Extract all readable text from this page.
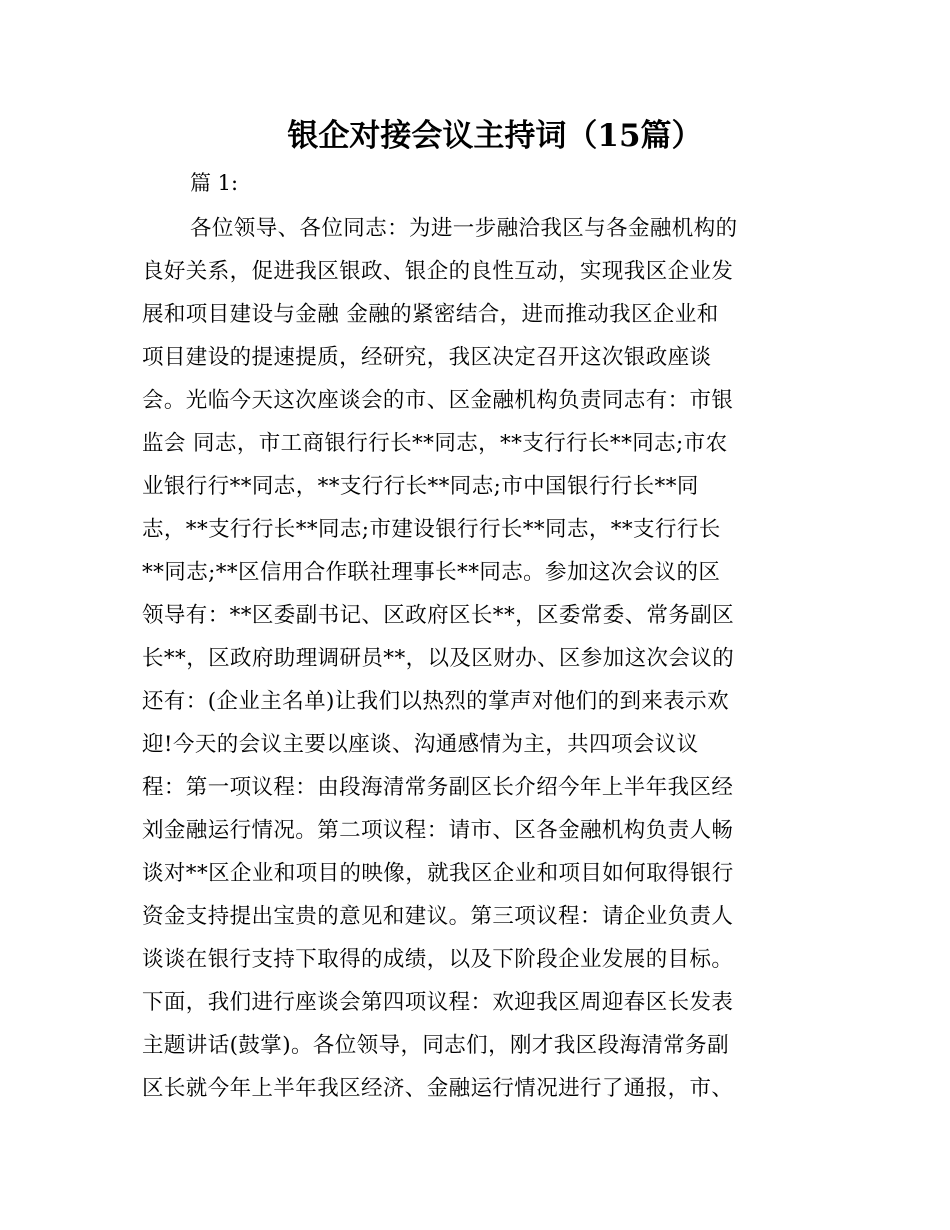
银企对接会议主持词（15篇）
篇 1:
各位领导、各位同志：为进一步融洽我区与各金融机构的
良好关系，促进我区银政、银企的良性互动，实现我区企业发
展和项目建设与金融 金融的紧密结合，进而推动我区企业和
项目建设的提速提质，经研究，我区决定召开这次银政座谈
会。光临今天这次座谈会的市、区金融机构负责同志有：市银
监会 同志，市工商银行行长**同志，**支行行长**同志;市农
业银行行**同志，**支行行长**同志;市中国银行行长**同
志，**支行行长**同志;市建设银行行长**同志，**支行行长
**同志;**区信用合作联社理事长**同志。参加这次会议的区
领导有：**区委副书记、区政府区长**，区委常委、常务副区
长**，区政府助理调研员**，以及区财办、区参加这次会议的
还有：(企业主名单)让我们以热烈的掌声对他们的到来表示欢
迎!今天的会议主要以座谈、沟通感情为主，共四项会议议
程：第一项议程：由段海清常务副区长介绍今年上半年我区经
刘金融运行情况。第二项议程：请市、区各金融机构负责人畅
谈对**区企业和项目的映像，就我区企业和项目如何取得银行
资金支持提出宝贵的意见和建议。第三项议程：请企业负责人
谈谈在银行支持下取得的成绩，以及下阶段企业发展的目标。
下面，我们进行座谈会第四项议程：欢迎我区周迎春区长发表
主题讲话(鼓掌)。各位领导，同志们，刚才我区段海清常务副
区长就今年上半年我区经济、金融运行情况进行了通报，市、
